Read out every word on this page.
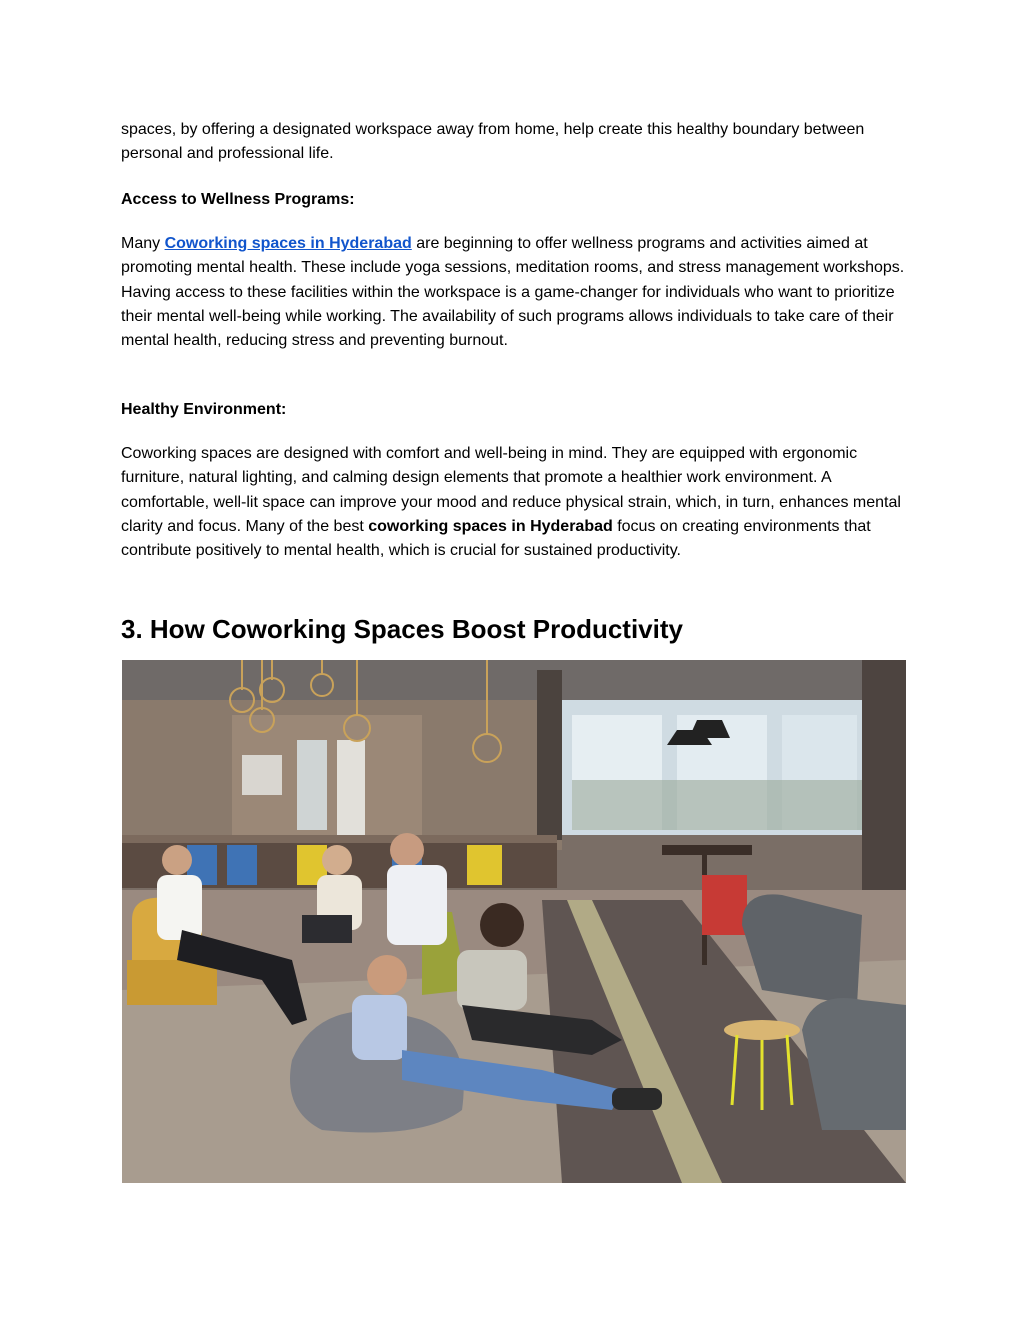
spaces, by offering a designated workspace away from home, help create this healthy boundary between personal and professional life.

Access to Wellness Programs:

Many Coworking spaces in Hyderabad are beginning to offer wellness programs and activities aimed at promoting mental health. These include yoga sessions, meditation rooms, and stress management workshops. Having access to these facilities within the workspace is a game-changer for individuals who want to prioritize their mental well-being while working. The availability of such programs allows individuals to take care of their mental health, reducing stress and preventing burnout.

Healthy Environment:

Coworking spaces are designed with comfort and well-being in mind. They are equipped with ergonomic furniture, natural lighting, and calming design elements that promote a healthier work environment. A comfortable, well-lit space can improve your mood and reduce physical strain, which, in turn, enhances mental clarity and focus. Many of the best coworking spaces in Hyderabad focus on creating environments that contribute positively to mental health, which is crucial for sustained productivity.

3. How Coworking Spaces Boost Productivity
